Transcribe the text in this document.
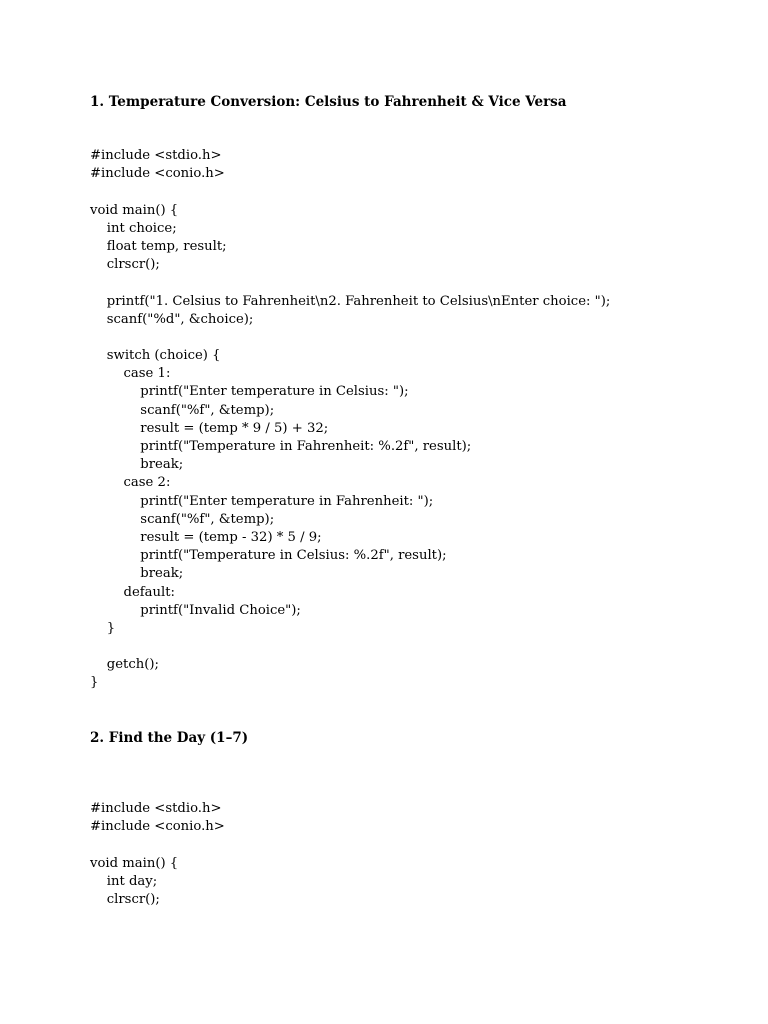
1. Temperature Conversion: Celsius to Fahrenheit & Vice Versa
#include <stdio.h>
#include <conio.h>
void main() {
int choice;
float temp, result;
clrscr();
printf("1. Celsius to Fahrenheit\n2. Fahrenheit to Celsius\nEnter choice: ");
scanf("%d", &choice);
switch (choice) {
case 1:
printf("Enter temperature in Celsius: ");
scanf("%f", &temp);
result = (temp * 9 / 5) + 32;
printf("Temperature in Fahrenheit: %.2f", result);
break;
case 2:
printf("Enter temperature in Fahrenheit: ");
scanf("%f", &temp);
result = (temp - 32) * 5 / 9;
printf("Temperature in Celsius: %.2f", result);
break;
default:
printf("Invalid Choice");
}
getch();
}
2. Find the Day (1–7)
#include <stdio.h>
#include <conio.h>
void main() {
int day;
clrscr();
